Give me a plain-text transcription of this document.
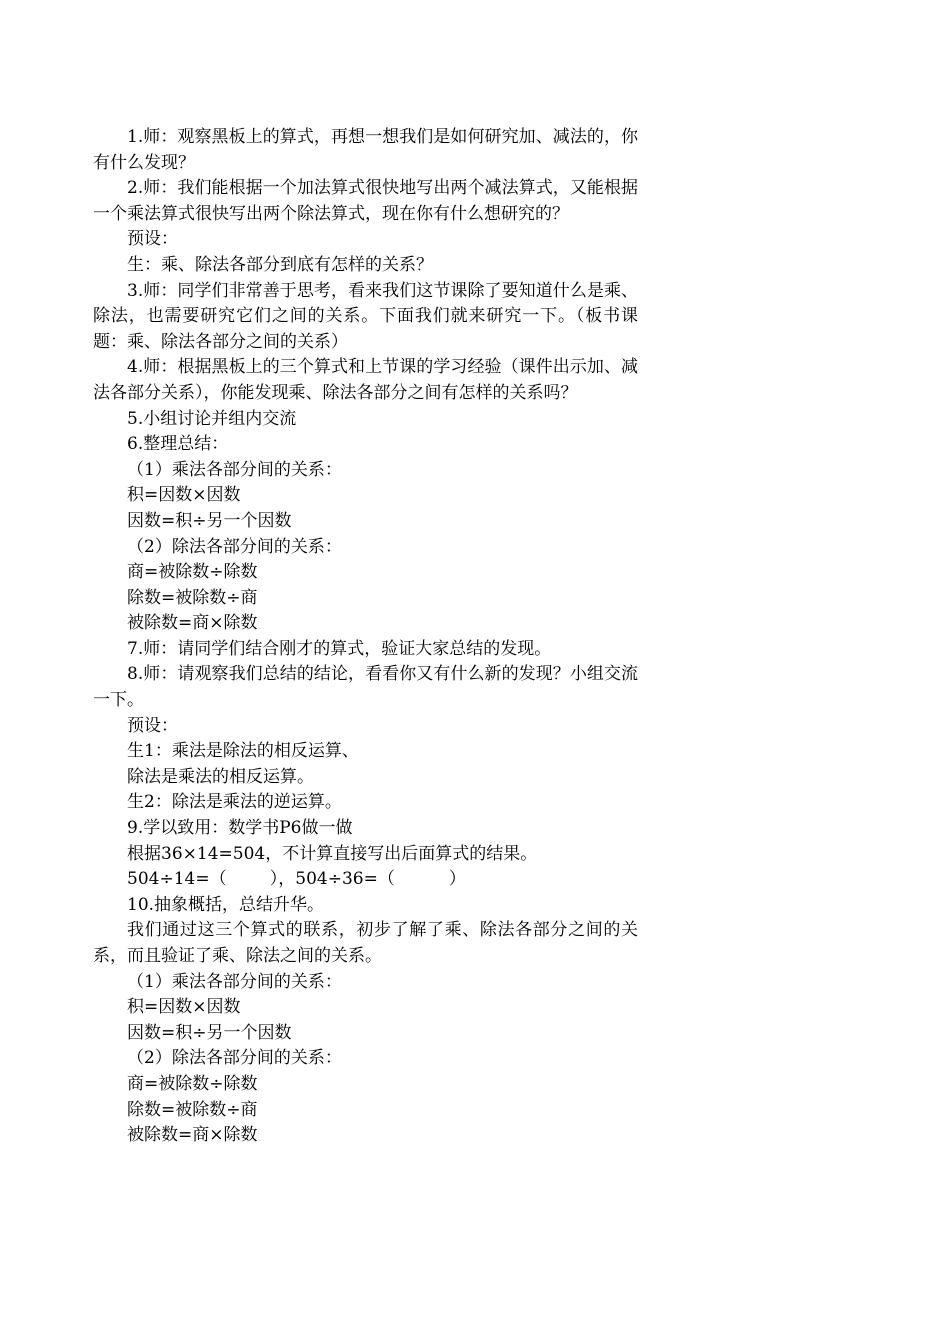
1.师：观察黑板上的算式，再想一想我们是如何研究加、减法的，你有什么发现？

2.师：我们能根据一个加法算式很快地写出两个减法算式，又能根据一个乘法算式很快写出两个除法算式，现在你有什么想研究的？

预设：

生：乘、除法各部分到底有怎样的关系？

3.师：同学们非常善于思考，看来我们这节课除了要知道什么是乘、除法，也需要研究它们之间的关系。下面我们就来研究一下。（板书课题：乘、除法各部分之间的关系）

4.师：根据黑板上的三个算式和上节课的学习经验（课件出示加、减法各部分关系），你能发现乘、除法各部分之间有怎样的关系吗？

5.小组讨论并组内交流

6.整理总结：

（1）乘法各部分间的关系：

积=因数×因数

因数=积÷另一个因数

（2）除法各部分间的关系：

商=被除数÷除数

除数=被除数÷商

被除数=商×除数

7.师：请同学们结合刚才的算式，验证大家总结的发现。

8.师：请观察我们总结的结论，看看你又有什么新的发现？小组交流一下。

预设：

生1：乘法是除法的相反运算、

除法是乘法的相反运算。

生2：除法是乘法的逆运算。

9.学以致用：数学书P6做一做

根据36×14=504，不计算直接写出后面算式的结果。

504÷14=（        ），504÷36=（          ）

10.抽象概括，总结升华。

我们通过这三个算式的联系，初步了解了乘、除法各部分之间的关系，而且验证了乘、除法之间的关系。

（1）乘法各部分间的关系：

积=因数×因数

因数=积÷另一个因数

（2）除法各部分间的关系：

商=被除数÷除数

除数=被除数÷商

被除数=商×除数
